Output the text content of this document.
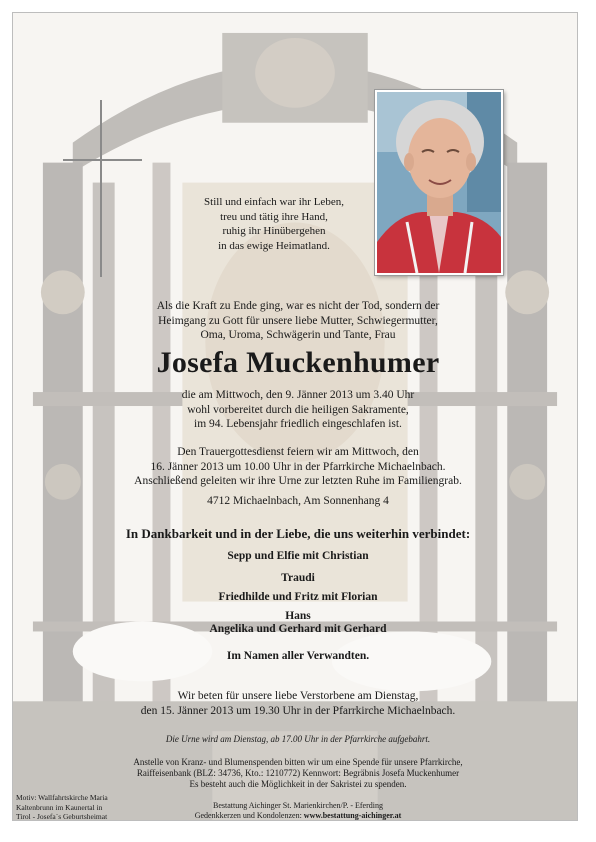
Still und einfach war ihr Leben,
treu und tätig ihre Hand,
ruhig ihr Hinübergehen
in das ewige Heimatland.
Als die Kraft zu Ende ging, war es nicht der Tod, sondern der
Heimgang zu Gott für unsere liebe Mutter, Schwiegermutter,
Oma, Uroma, Schwägerin und Tante, Frau
Josefa Muckenhumer
die am Mittwoch, den 9. Jänner 2013 um 3.40 Uhr
wohl vorbereitet durch die heiligen Sakramente,
im 94. Lebensjahr friedlich eingeschlafen ist.
Den Trauergottesdienst feiern wir am Mittwoch, den
16. Jänner 2013 um 10.00 Uhr in der Pfarrkirche Michaelnbach.
Anschließend geleiten wir ihre Urne zur letzten Ruhe im Familiengrab.
4712 Michaelnbach, Am Sonnenhang 4
In Dankbarkeit und in der Liebe, die uns weiterhin verbindet:
Sepp und Elfie mit Christian
Traudi
Friedhilde und Fritz mit Florian
Hans
Angelika und Gerhard mit Gerhard
Im Namen aller Verwandten.
Wir beten für unsere liebe Verstorbene am Dienstag,
den 15. Jänner 2013 um 19.30 Uhr in der Pfarrkirche Michaelnbach.
Die Urne wird am Dienstag, ab 17.00 Uhr in der Pfarrkirche aufgebahrt.
Anstelle von Kranz- und Blumenspenden bitten wir um eine Spende für unsere Pfarrkirche,
Raiffeisenbank (BLZ: 34736, Kto.: 1210772) Kennwort: Begräbnis Josefa Muckenhumer
Es besteht auch die Möglichkeit in der Sakristei zu spenden.
Motiv: Wallfahrtskirche Maria
Kaltenbrunn im Kaunertal in
Tirol - Josefa´s Geburtsheimat
Bestattung Aichinger St. Marienkirchen/P. - Eferding
Gedenkkerzen und Kondolenzen: www.bestattung-aichinger.at
